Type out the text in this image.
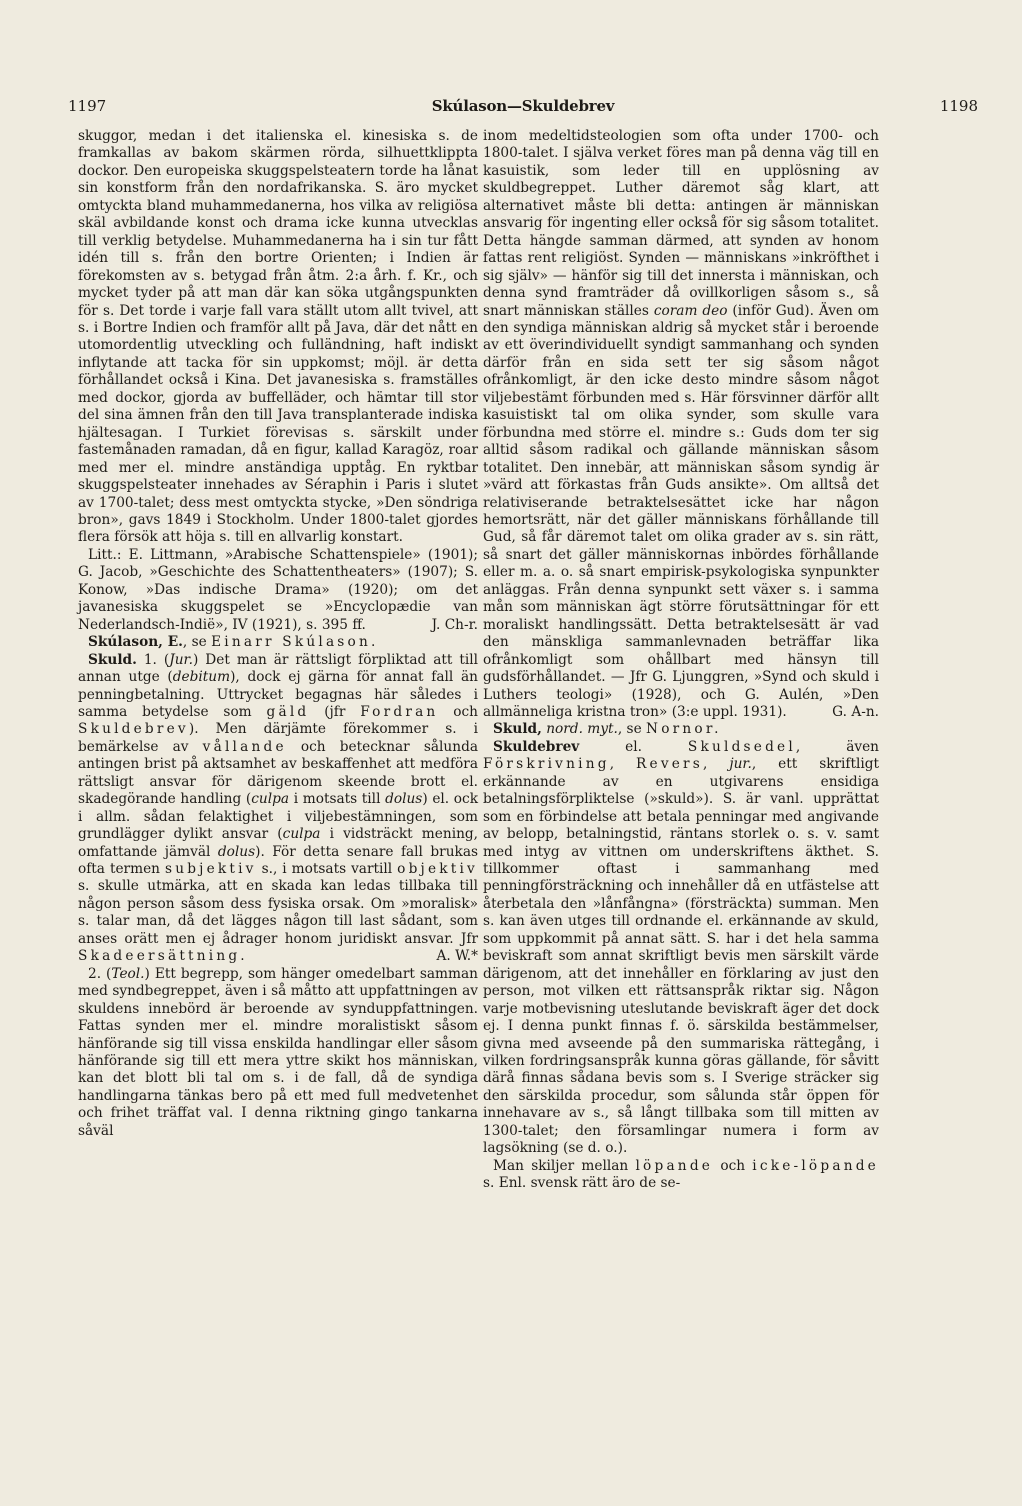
1197	Skúlason—Skuldebrev	1198

skuggor, medan i det italienska el. kinesiska s. de framkallas av bakom skärmen rörda, silhuettklippta dockor. Den europeiska skuggspelsteatern torde ha lånat sin konstform från den nordafrikanska. S. äro mycket omtyckta bland muhammedanerna, hos vilka av religiösa skäl avbildande konst och drama icke kunna utvecklas till verklig betydelse. Muhammedanerna ha i sin tur fått idén till s. från den bortre Orienten; i Indien är förekomsten av s. betygad från åtm. 2:a årh. f. Kr., och mycket tyder på att man där kan söka utgångspunkten för s. Det torde i varje fall vara ställt utom allt tvivel, att s. i Bortre Indien och framför allt på Java, där det nått en utomordentlig utveckling och fulländning, haft indiskt inflytande att tacka för sin uppkomst; möjl. är detta förhållandet också i Kina. Det javanesiska s. framställes med dockor, gjorda av buffelläder, och hämtar till stor del sina ämnen från den till Java transplanterade indiska hjältesagan. I Turkiet förevisas s. särskilt under fastemånaden ramadan, då en figur, kallad Karagöz, roar med mer el. mindre anständiga upptåg. En ryktbar skuggspelsteater innehades av Séraphin i Paris i slutet av 1700-talet; dess mest omtyckta stycke, »Den söndriga bron», gavs 1849 i Stockholm. Under 1800-talet gjordes flera försök att höja s. till en allvarlig konstart.

Litt.: E. Littmann, »Arabische Schattenspiele» (1901); G. Jacob, »Geschichte des Schattentheaters» (1907); S. Konow, »Das indische Drama» (1920); om det javanesiska skuggspelet se »Encyclopædie van Nederlandsch-Indië», IV (1921), s. 395 ff.	J. Ch-r.

Skúlason, E., se Einarr Skúlason.

Skuld. 1. (Jur.) Det man är rättsligt förpliktad att till annan utge (debitum), dock ej gärna för annat fall än penningbetalning. Uttrycket begagnas här således i samma betydelse som gäld (jfr Fordran och Skuldebrev). Men därjämte förekommer s. i bemärkelse av vållande och betecknar sålunda antingen brist på aktsamhet av beskaffenhet att medföra rättsligt ansvar för därigenom skeende brott el. skadegörande handling (culpa i motsats till dolus) el. ock i allm. sådan felaktighet i viljebestämningen, som grundlägger dylikt ansvar (culpa i vidsträckt mening, omfattande jämväl dolus). För detta senare fall brukas ofta termen subjektiv s., i motsats vartill objektiv s. skulle utmärka, att en skada kan ledas tillbaka till någon person såsom dess fysiska orsak. Om »moralisk» s. talar man, då det lägges någon till last sådant, som anses orätt men ej ådrager honom juridiskt ansvar. Jfr Skadeersättning.	A. W.*

2. (Teol.) Ett begrepp, som hänger omedelbart samman med syndbegreppet, även i så måtto att uppfattningen av skuldens innebörd är beroende av synduppfattningen. Fattas synden mer el. mindre moralistiskt såsom hänförande sig till vissa enskilda handlingar eller såsom hänförande sig till ett mera yttre skikt hos människan, kan det blott bli tal om s. i de fall, då de syndiga handlingarna tänkas bero på ett med full medvetenhet och frihet träffat val. I denna riktning gingo tankarna såväl

inom medeltidsteologien som ofta under 1700- och 1800-talet. I själva verket föres man på denna väg till en kasuistik, som leder till en upplösning av skuldbegreppet. Luther däremot såg klart, att alternativet måste bli detta: antingen är människan ansvarig för ingenting eller också för sig såsom totalitet. Detta hängde samman därmed, att synden av honom fattas rent religiöst. Synden — människans »inkröfthet i sig själv» — hänför sig till det innersta i människan, och denna synd framträder då ovillkorligen såsom s., så snart människan ställes coram deo (inför Gud). Även om den syndiga människan aldrig så mycket står i beroende av ett överindividuellt syndigt sammanhang och synden därför från en sida sett ter sig såsom något ofrånkomligt, är den icke desto mindre såsom något viljebestämt förbunden med s. Här försvinner därför allt kasuistiskt tal om olika synder, som skulle vara förbundna med större el. mindre s.: Guds dom ter sig alltid såsom radikal och gällande människan såsom totalitet. Den innebär, att människan såsom syndig är »värd att förkastas från Guds ansikte». Om alltså det relativiserande betraktelsesättet icke har någon hemortsrätt, när det gäller människans förhållande till Gud, så får däremot talet om olika grader av s. sin rätt, så snart det gäller människornas inbördes förhållande eller m. a. o. så snart empirisk-psykologiska synpunkter anläggas. Från denna synpunkt sett växer s. i samma mån som människan ägt större förutsättningar för ett moraliskt handlingssätt. Detta betraktelsesätt är vad den mänskliga sammanlevnaden beträffar lika ofrånkomligt som ohållbart med hänsyn till gudsförhållandet. — Jfr G. Ljunggren, »Synd och skuld i Luthers teologi» (1928), och G. Aulén, »Den allmänneliga kristna tron» (3:e uppl. 1931).	G. A-n.

Skuld, nord. myt., se Nornor.

Skuldebrev el. Skuldsedel, även Förskrivning, Revers, jur., ett skriftligt erkännande av en utgivarens ensidiga betalningsförpliktelse (»skuld»). S. är vanl. upprättat som en förbindelse att betala penningar med angivande av belopp, betalningstid, räntans storlek o. s. v. samt med intyg av vittnen om underskriftens äkthet. S. tillkommer oftast i sammanhang med penningförsträckning och innehåller då en utfästelse att återbetala den »lånfångna» (försträckta) summan. Men s. kan även utges till ordnande el. erkännande av skuld, som uppkommit på annat sätt. S. har i det hela samma beviskraft som annat skriftligt bevis men särskilt värde därigenom, att det innehåller en förklaring av just den person, mot vilken ett rättsanspråk riktar sig. Någon varje motbevisning uteslutande beviskraft äger det dock ej. I denna punkt finnas f. ö. särskilda bestämmelser, givna med avseende på den summariska rättegång, i vilken fordringsanspråk kunna göras gällande, för såvitt därå finnas sådana bevis som s. I Sverige sträcker sig den särskilda procedur, som sålunda står öppen för innehavare av s., så långt tillbaka som till mitten av 1300-talet; den församlingar numera i form av lagsökning (se d. o.).

Man skiljer mellan löpande och icke-löpande s. Enl. svensk rätt äro de se-
